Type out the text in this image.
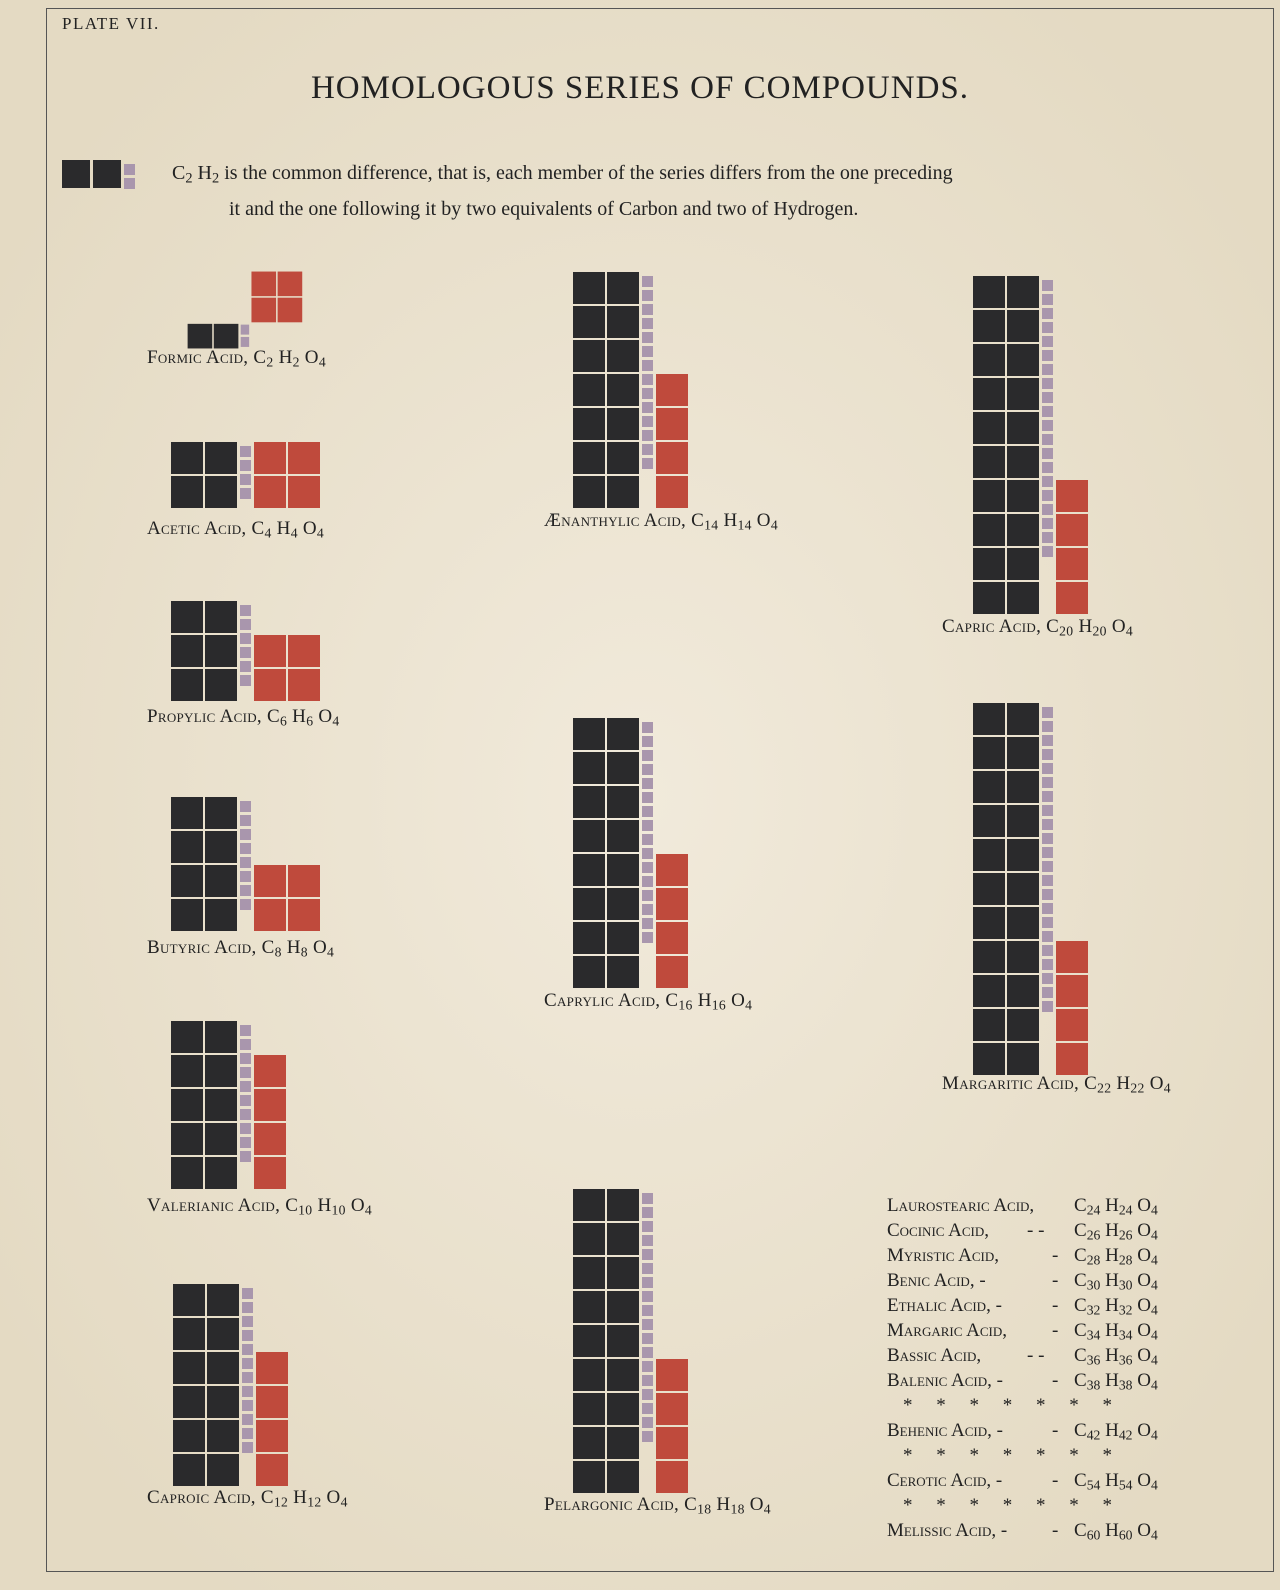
PLATE VII.
HOMOLOGOUS SERIES OF COMPOUNDS.
$C_2$ $H_2$ is the common difference, that is, each member of the series differs from the one preceding
it and the one following it by two equivalents of Carbon and two of Hydrogen.
Formic Acid, $C_2$ $H_2$ $O_4$
Acetic Acid, $C_4$ $H_4$ $O_4$
Propylic Acid, $C_6$ $H_6$ $O_4$
Butyric Acid, $C_8$ $H_8$ $O_4$
Valerianic Acid, $C_{10}$ $H_{10}$ $O_4$
Caproic Acid, $C_{12}$ $H_{12}$ $O_4$
Ænanthylic Acid, $C_{14}$ $H_{14}$ $O_4$
Caprylic Acid, $C_{16}$ $H_{16}$ $O_4$
Pelargonic Acid, $C_{18}$ $H_{18}$ $O_4$
Capric Acid, $C_{20}$ $H_{20}$ $O_4$
Margaritic Acid, $C_{22}$ $H_{22}$ $O_4$
Laurostearic Acid,	$C_{24}$ $H_{24}$ $O_4$
Cocinic Acid,	- -	$C_{26}$ $H_{26}$ $O_4$
Myristic Acid,	- $C_{28}$ $H_{28}$ $O_4$
Benic Acid, -	- $C_{30}$ $H_{30}$ $O_4$
Ethalic Acid, -	- $C_{32}$ $H_{32}$ $O_4$
Margaric Acid,	- $C_{34}$ $H_{34}$ $O_4$
Bassic Acid,	- -	$C_{36}$ $H_{36}$ $O_4$
Balenic Acid, -	- $C_{38}$ $H_{38}$ $O_4$
* * * * * * *
Behenic Acid, -	- $C_{42}$ $H_{42}$ $O_4$
* * * * * * *
Cerotic Acid, -	- $C_{54}$ $H_{54}$ $O_4$
* * * * * * *
Melissic Acid, -	- $C_{60}$ $H_{60}$ $O_4$
